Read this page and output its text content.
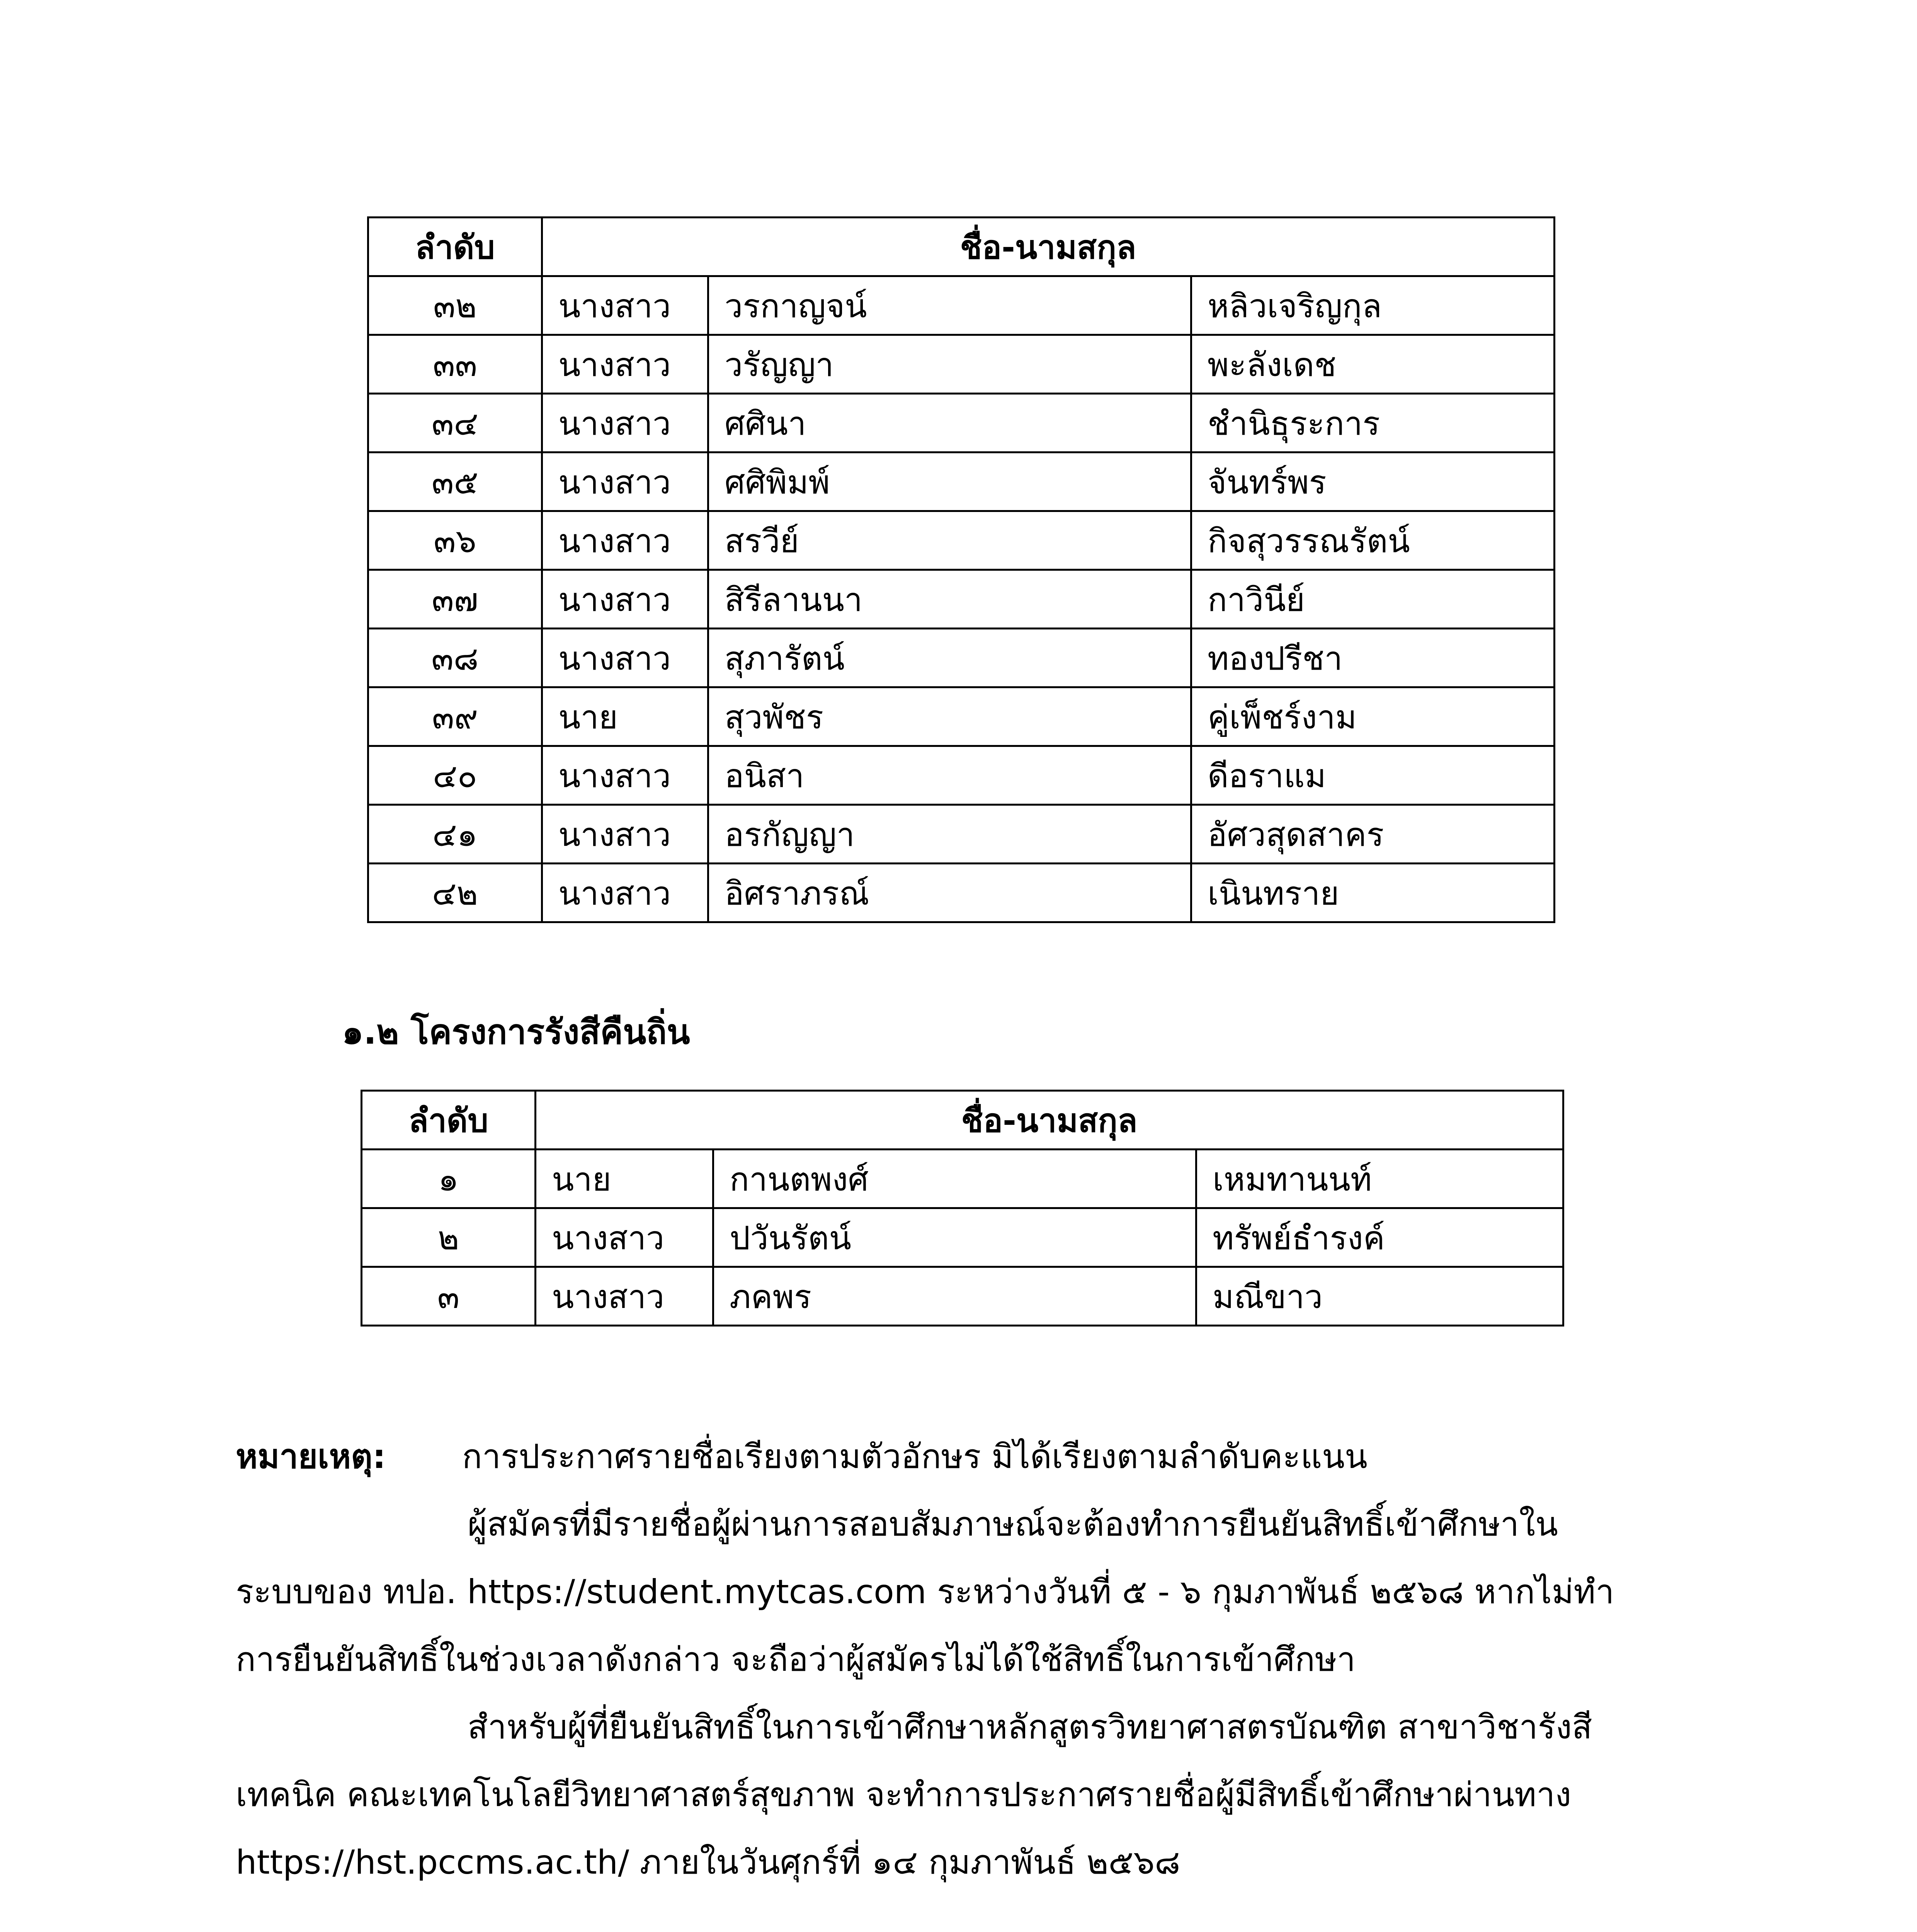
ลำดับ	ชื่อ-นามสกุล		
๓๒	นางสาว	วรกาญจน์	หลิวเจริญกุล
๓๓	นางสาว	วรัญญา	พะลังเดช
๓๔	นางสาว	ศศินา	ชำนิธุระการ
๓๕	นางสาว	ศศิพิมพ์	จันทร์พร
๓๖	นางสาว	สรวีย์	กิจสุวรรณรัตน์
๓๗	นางสาว	สิรีลานนา	กาวินีย์
๓๘	นางสาว	สุภารัตน์	ทองปรีชา
๓๙	นาย	สุวพัชร	คู่เพ็ชร์งาม
๔๐	นางสาว	อนิสา	ดีอราแม
๔๑	นางสาว	อรกัญญา	อัศวสุดสาคร
๔๒	นางสาว	อิศราภรณ์	เนินทราย
๑.๒ โครงการรังสีคืนถิ่น
ลำดับ	ชื่อ-นามสกุล		
๑	นาย	กานตพงศ์	เหมทานนท์
๒	นางสาว	ปวันรัตน์	ทรัพย์ธำรงค์
๓	นางสาว	ภคพร	มณีขาว
หมายเหตุ: การประกาศรายชื่อเรียงตามตัวอักษร มิได้เรียงตามลำดับคะแนน
ผู้สมัครที่มีรายชื่อผู้ผ่านการสอบสัมภาษณ์จะต้องทำการยืนยันสิทธิ์เข้าศึกษาใน
ระบบของ ทปอ. https://student.mytcas.com ระหว่างวันที่ ๕ - ๖ กุมภาพันธ์ ๒๕๖๘ หากไม่ทำ
การยืนยันสิทธิ์ในช่วงเวลาดังกล่าว จะถือว่าผู้สมัครไม่ได้ใช้สิทธิ์ในการเข้าศึกษา
สำหรับผู้ที่ยืนยันสิทธิ์ในการเข้าศึกษาหลักสูตรวิทยาศาสตรบัณฑิต สาขาวิชารังสี
เทคนิค คณะเทคโนโลยีวิทยาศาสตร์สุขภาพ จะทำการประกาศรายชื่อผู้มีสิทธิ์เข้าศึกษาผ่านทาง
https://hst.pccms.ac.th/ ภายในวันศุกร์ที่ ๑๔ กุมภาพันธ์ ๒๕๖๘
